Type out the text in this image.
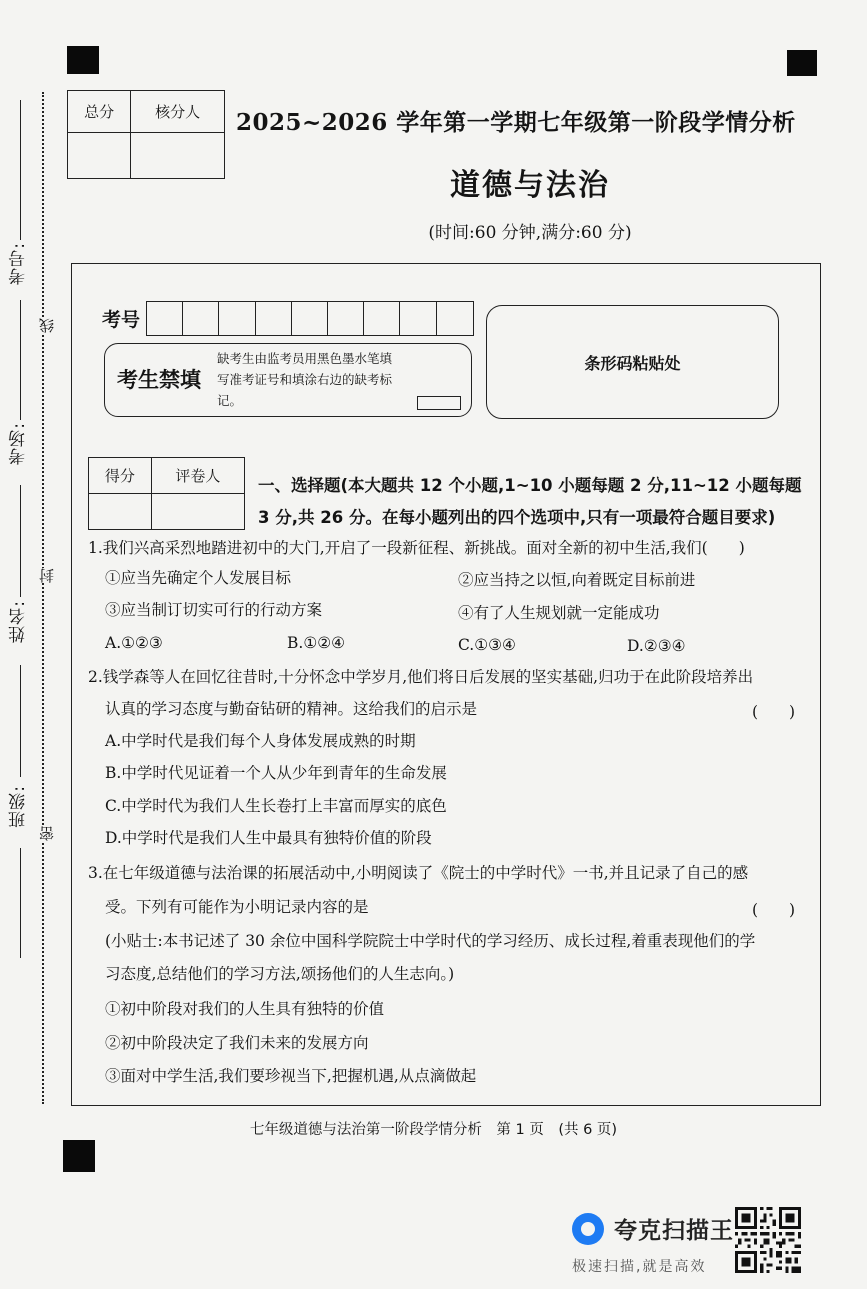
考号:
考场:
姓名:
班级:
线
封
密
总分	核分人
	2025~2026 学年第一学期七年级第一阶段学情分析
道德与法治
(时间:60 分钟,满分:60 分)
考号
考生禁填
缺考生由监考员用黑色墨水笔填写准考证号和填涂右边的缺考标记。
条形码粘贴处
得分	评卷人
	一、选择题(本大题共 12 个小题,1~10 小题每题 2 分,11~12 小题每题 3 分,共 26 分。在每小题列出的四个选项中,只有一项最符合题目要求)
1.我们兴高采烈地踏进初中的大门,开启了一段新征程、新挑战。面对全新的初中生活,我们(　　)
①应当先确定个人发展目标	②应当持之以恒,向着既定目标前进
③应当制订切实可行的行动方案	④有了人生规划就一定能成功
A.①②③	B.①②④	C.①③④	D.②③④
2.钱学森等人在回忆往昔时,十分怀念中学岁月,他们将日后发展的坚实基础,归功于在此阶段培养出
认真的学习态度与勤奋钻研的精神。这给我们的启示是	(　　)
A.中学时代是我们每个人身体发展成熟的时期
B.中学时代见证着一个人从少年到青年的生命发展
C.中学时代为我们人生长卷打上丰富而厚实的底色
D.中学时代是我们人生中最具有独特价值的阶段
3.在七年级道德与法治课的拓展活动中,小明阅读了《院士的中学时代》一书,并且记录了自己的感
受。下列有可能作为小明记录内容的是	(　　)
(小贴士:本书记述了 30 余位中国科学院院士中学时代的学习经历、成长过程,着重表现他们的学
习态度,总结他们的学习方法,颂扬他们的人生志向。)
①初中阶段对我们的人生具有独特的价值
②初中阶段决定了我们未来的发展方向
③面对中学生活,我们要珍视当下,把握机遇,从点滴做起
七年级道德与法治第一阶段学情分析　第 1 页　(共 6 页)
夸克扫描王
极速扫描,就是高效
